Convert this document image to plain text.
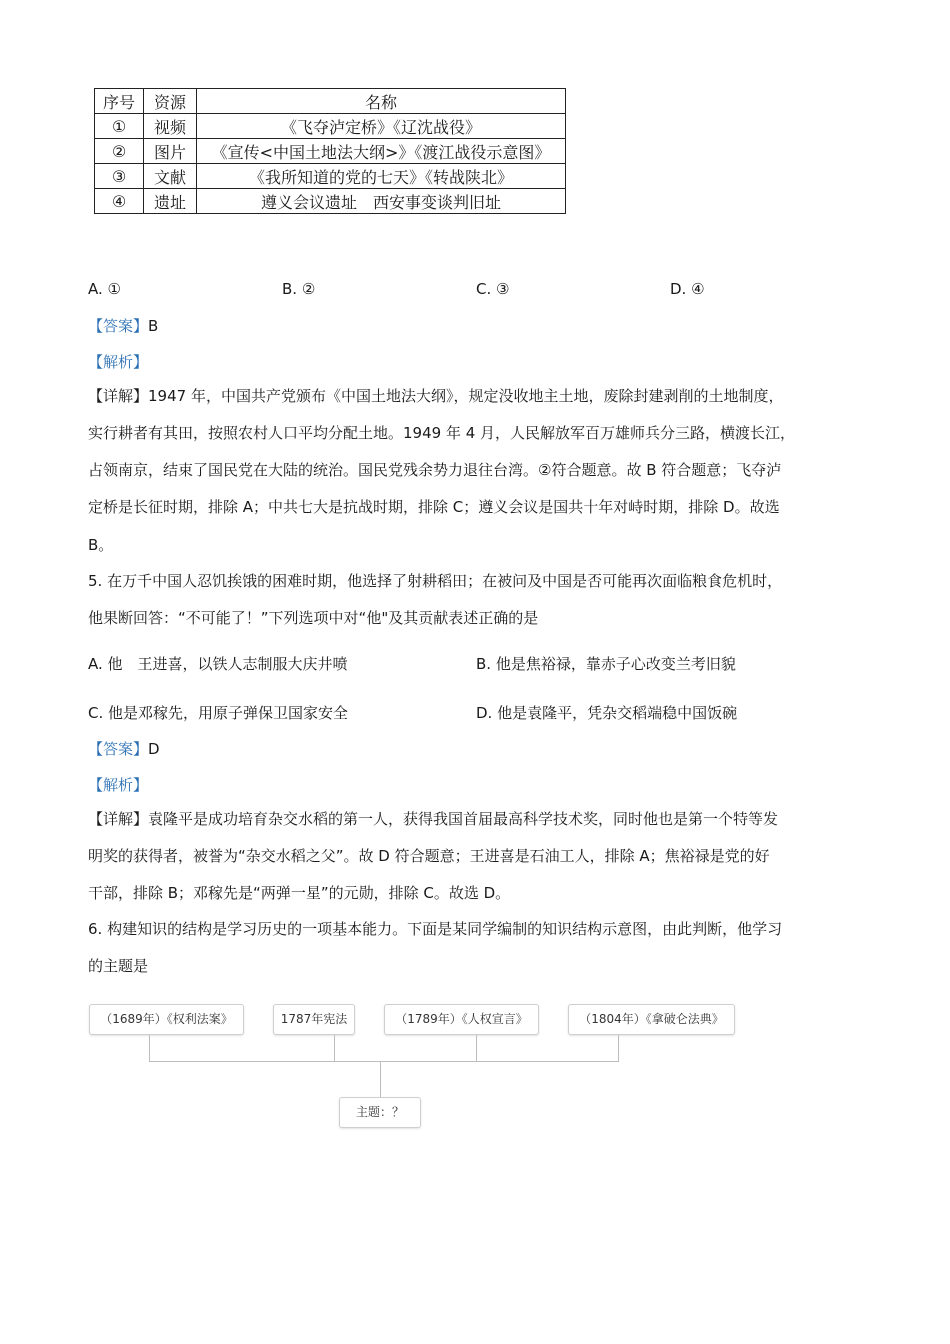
序号	资源	名称
①	视频	《飞夺泸定桥》《辽沈战役》
②	图片	《宣传<中国土地法大纲>》《渡江战役示意图》
③	文献	《我所知道的党的七天》《转战陕北》
④	遗址	遵义会议遗址　西安事变谈判旧址
A. ①	B. ②	C. ③	D. ④
【答案】B
【解析】
【详解】1947 年，中国共产党颁布《中国土地法大纲》，规定没收地主土地，废除封建剥削的土地制度，
实行耕者有其田，按照农村人口平均分配土地。1949 年 4 月，人民解放军百万雄师兵分三路，横渡长江，
占领南京，结束了国民党在大陆的统治。国民党残余势力退往台湾。②符合题意。故 B 符合题意；飞夺泸
定桥是长征时期，排除 A；中共七大是抗战时期，排除 C；遵义会议是国共十年对峙时期，排除 D。故选
B。
5. 在万千中国人忍饥挨饿的困难时期，他选择了射耕稻田；在被问及中国是否可能再次面临粮食危机时，
他果断回答：“不可能了！”下列选项中对“他"及其贡献表述正确的是
A. 他　王进喜，以铁人志制服大庆井喷	B. 他是焦裕禄，靠赤子心改变兰考旧貌
C. 他是邓稼先，用原子弹保卫国家安全	D. 他是袁隆平，凭杂交稻端稳中国饭碗
【答案】D
【解析】
【详解】袁隆平是成功培育杂交水稻的第一人，获得我国首届最高科学技术奖，同时他也是第一个特等发
明奖的获得者，被誉为“杂交水稻之父”。故 D 符合题意；王进喜是石油工人，排除 A；焦裕禄是党的好
干部，排除 B；邓稼先是“两弹一星”的元勋，排除 C。故选 D。
6. 构建知识的结构是学习历史的一项基本能力。下面是某同学编制的知识结构示意图，由此判断，他学习
的主题是
（1689年）《权利法案》	1787年宪法	（1789年）《人权宣言》	（1804年）《拿破仑法典》
主题：？
